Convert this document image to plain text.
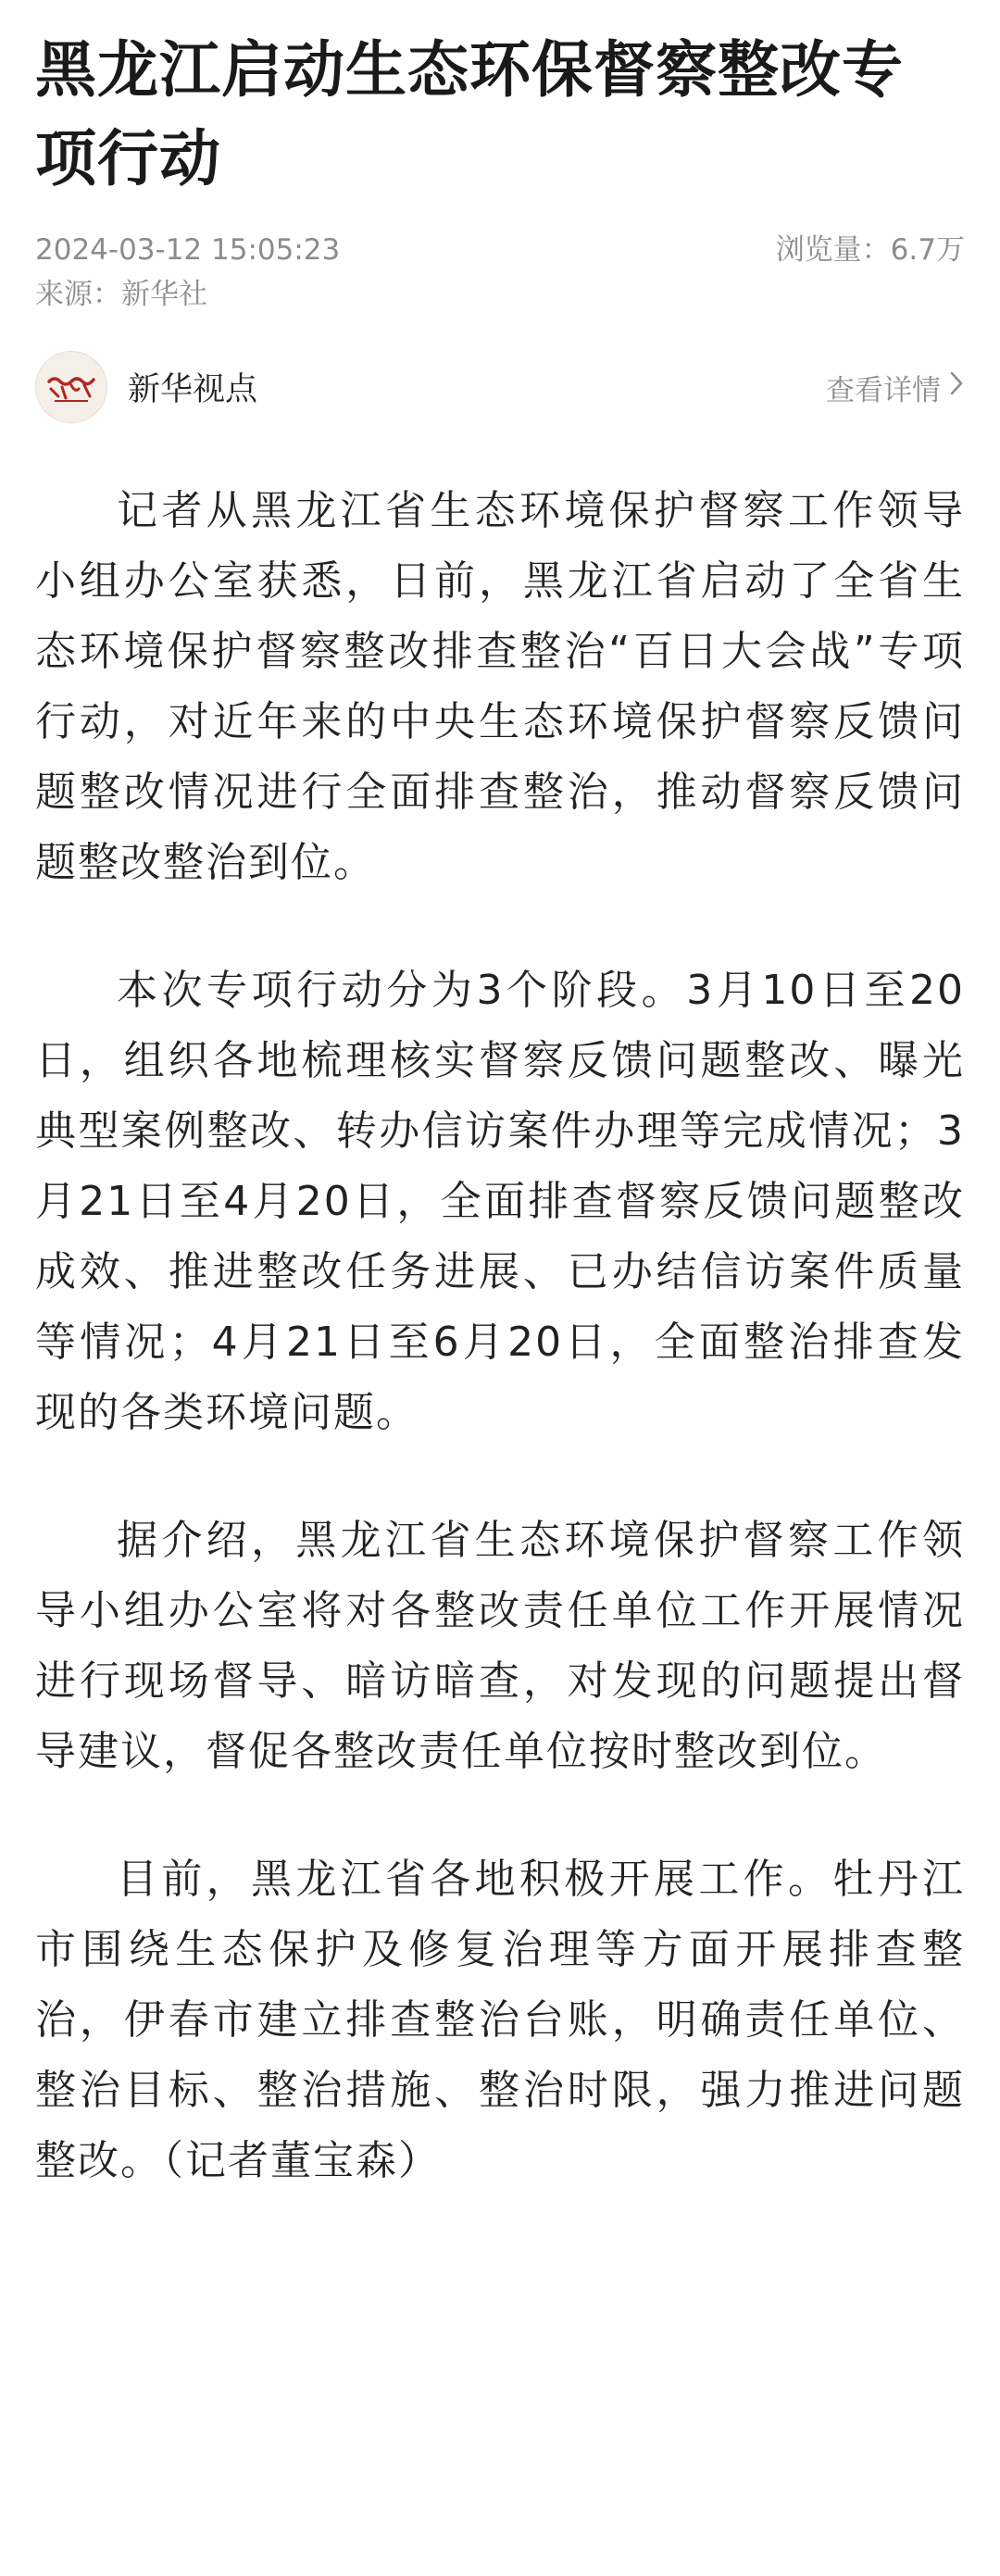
黑龙江启动生态环保督察整改专项行动
2024-03-12 15:05:23	浏览量：6.7万
来源：新华社
新华视点	查看详情

记者从黑龙江省生态环境保护督察工作领导小组办公室获悉，日前，黑龙江省启动了全省生态环境保护督察整改排查整治“百日大会战”专项行动，对近年来的中央生态环境保护督察反馈问题整改情况进行全面排查整治，推动督察反馈问题整改整治到位。

本次专项行动分为3个阶段。3月10日至20日，组织各地梳理核实督察反馈问题整改、曝光典型案例整改、转办信访案件办理等完成情况；3月21日至4月20日，全面排查督察反馈问题整改成效、推进整改任务进展、已办结信访案件质量等情况；4月21日至6月20日，全面整治排查发现的各类环境问题。

据介绍，黑龙江省生态环境保护督察工作领导小组办公室将对各整改责任单位工作开展情况进行现场督导、暗访暗查，对发现的问题提出督导建议，督促各整改责任单位按时整改到位。

目前，黑龙江省各地积极开展工作。牡丹江市围绕生态保护及修复治理等方面开展排查整治，伊春市建立排查整治台账，明确责任单位、整治目标、整治措施、整治时限，强力推进问题整改。（记者董宝森）
